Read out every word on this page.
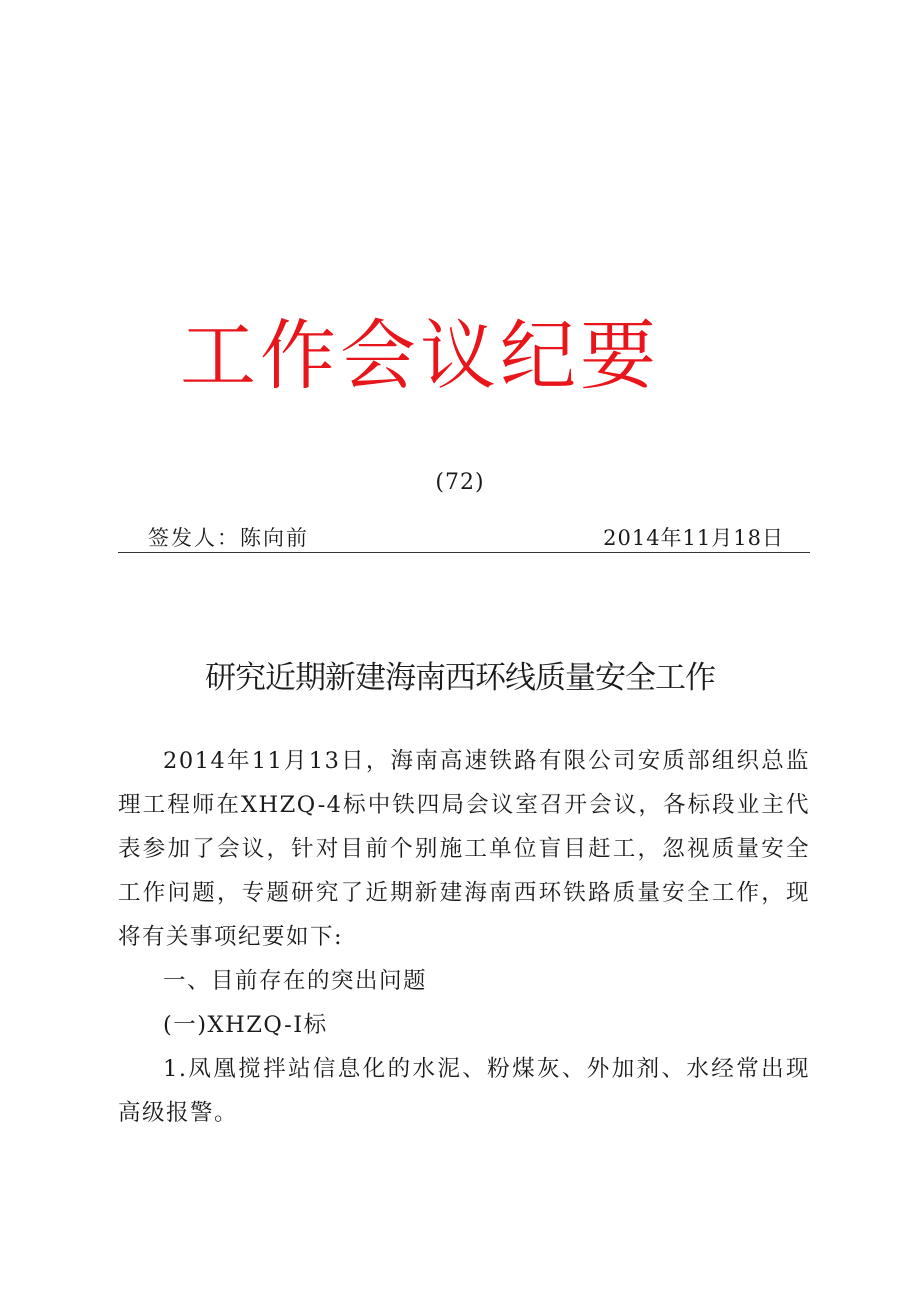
工作会议纪要
(72)
签发人：陈向前	2014年11月18日
研究近期新建海南西环线质量安全工作

2014年11月13日，海南高速铁路有限公司安质部组织总监理工程师在XHZQ-4标中铁四局会议室召开会议，各标段业主代表参加了会议，针对目前个别施工单位盲目赶工，忽视质量安全工作问题，专题研究了近期新建海南西环铁路质量安全工作，现将有关事项纪要如下:

一、目前存在的突出问题

(一)XHZQ-I标

1.凤凰搅拌站信息化的水泥、粉煤灰、外加剂、水经常出现高级报警。
